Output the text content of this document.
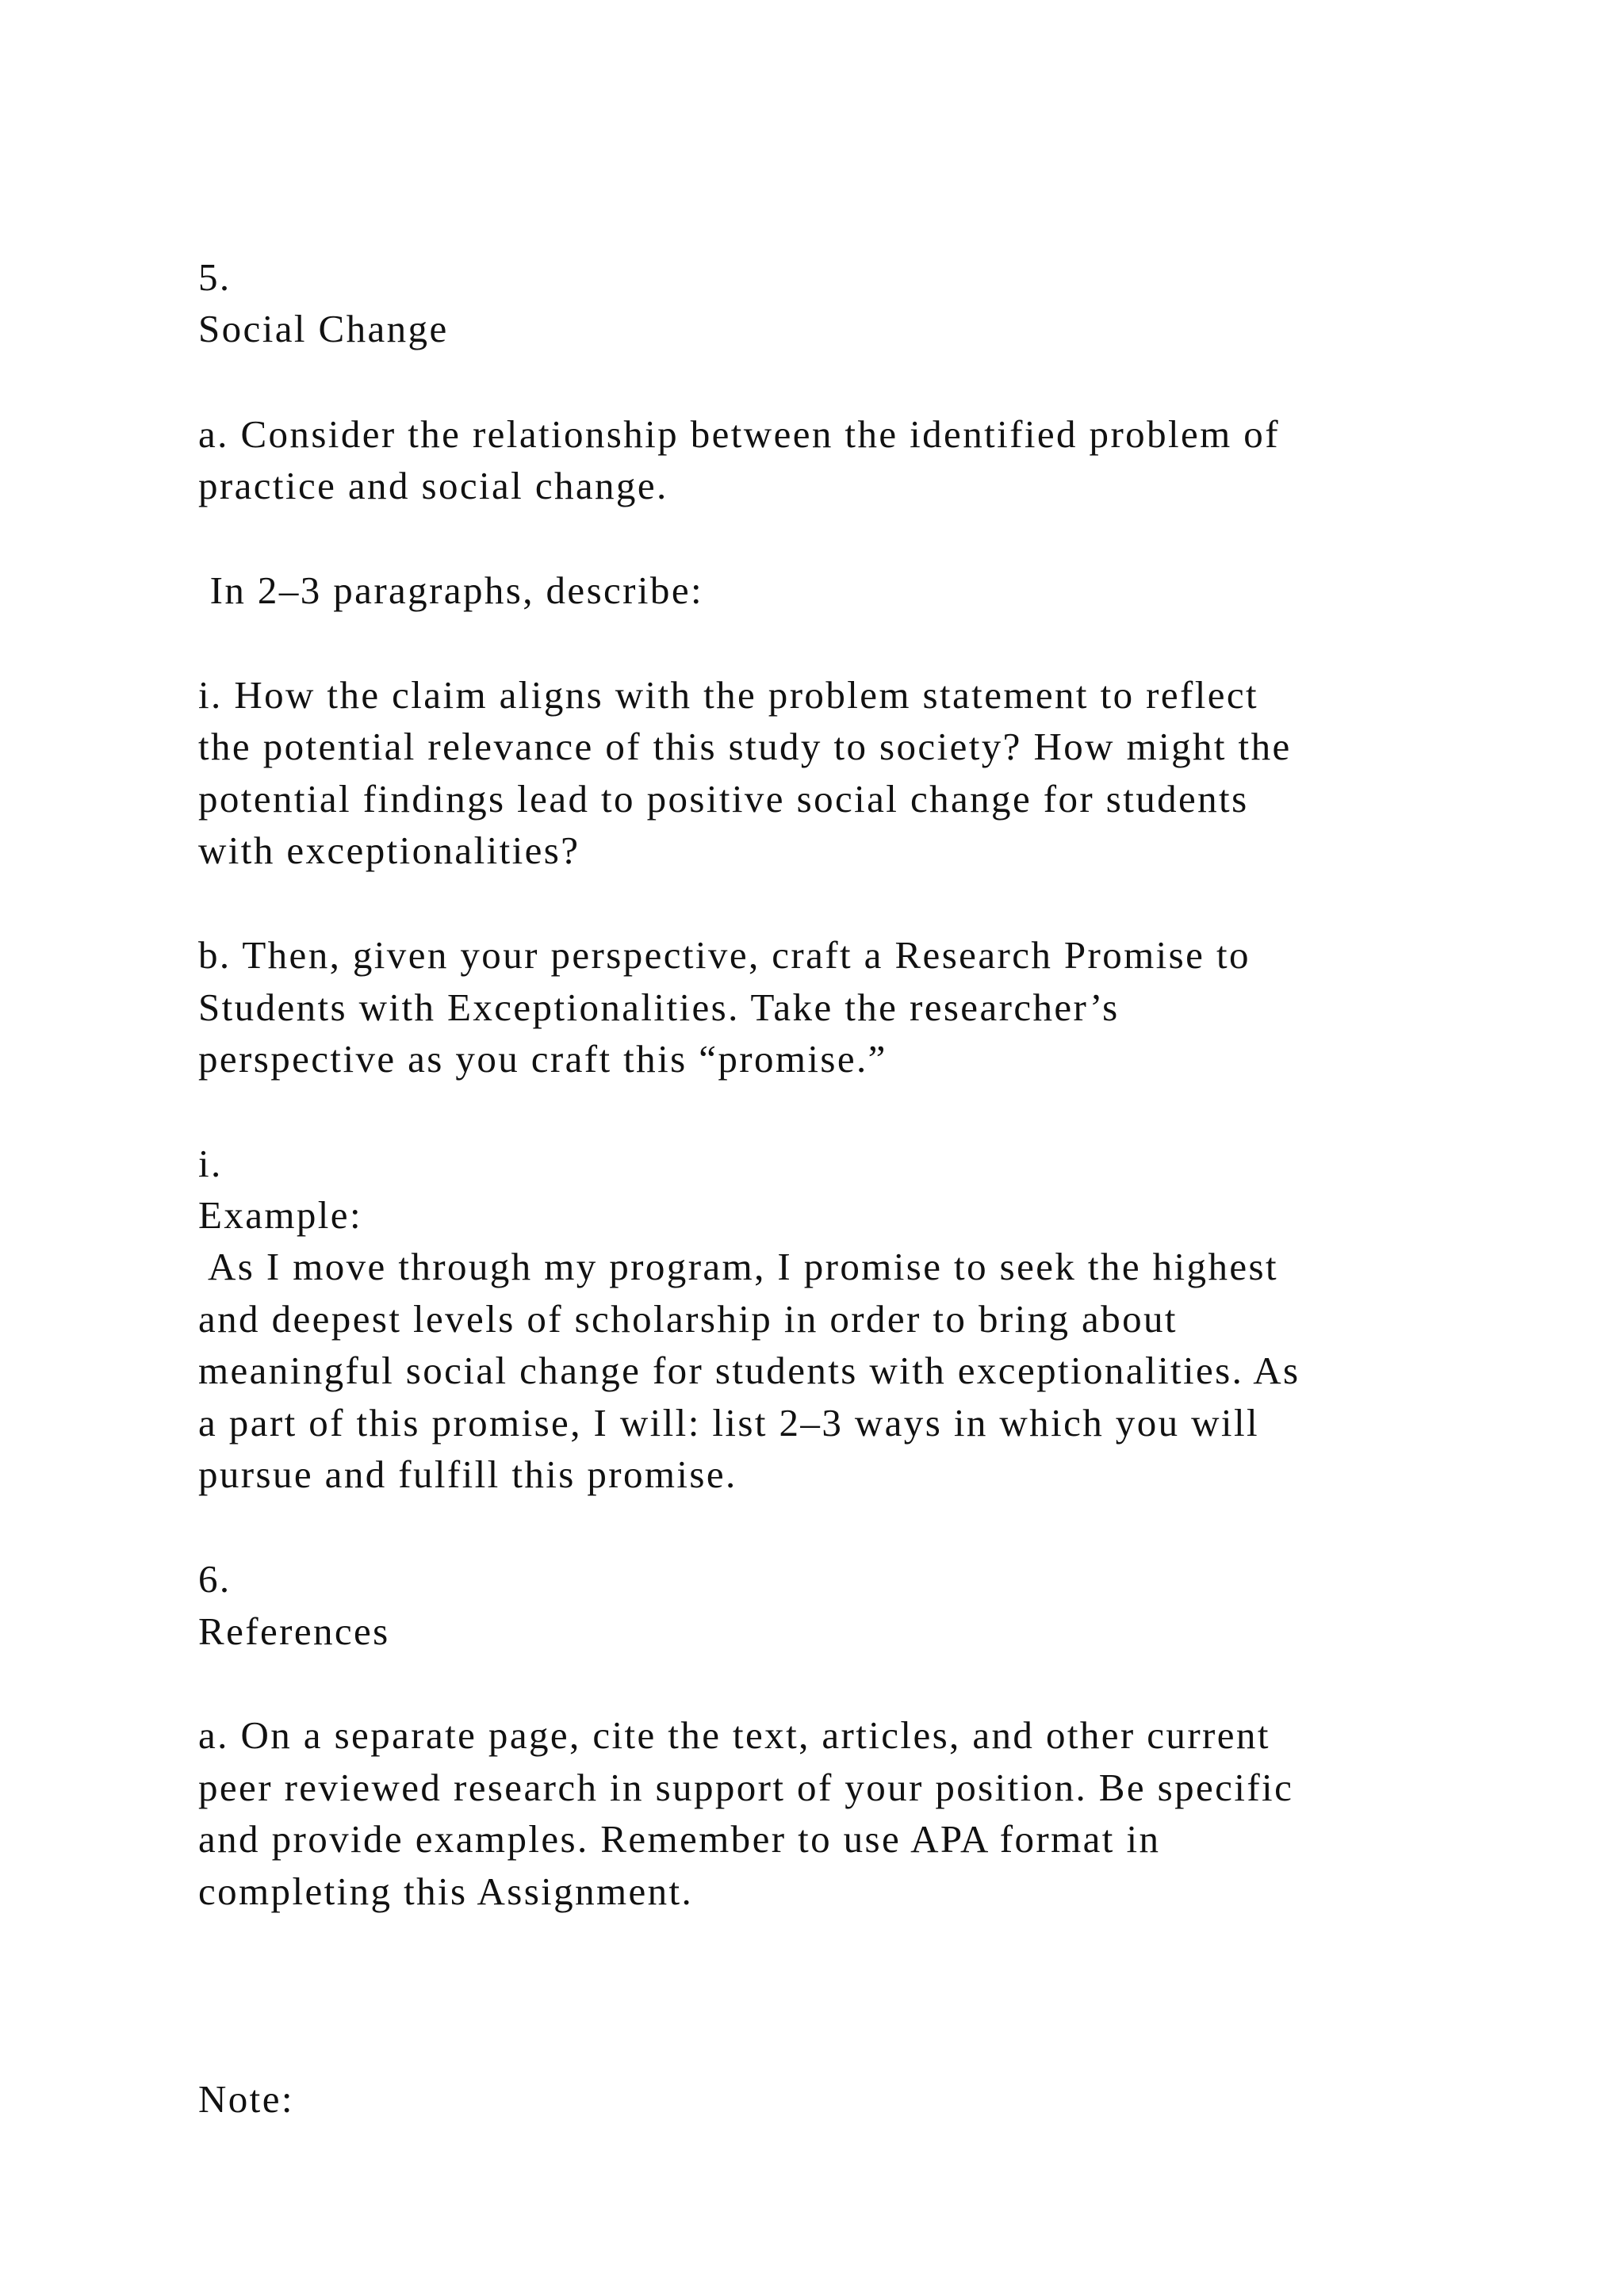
5.
Social Change
a. Consider the relationship between the identified problem of
practice and social change.
In 2–3 paragraphs, describe:
i. How the claim aligns with the problem statement to reflect
the potential relevance of this study to society? How might the
potential findings lead to positive social change for students
with exceptionalities?
b. Then, given your perspective, craft a Research Promise to
Students with Exceptionalities. Take the researcher’s
perspective as you craft this “promise.”
i.
Example:
As I move through my program, I promise to seek the highest
and deepest levels of scholarship in order to bring about
meaningful social change for students with exceptionalities. As
a part of this promise, I will: list 2–3 ways in which you will
pursue and fulfill this promise.
6.
References
a. On a separate page, cite the text, articles, and other current
peer reviewed research in support of your position. Be specific
and provide examples. Remember to use APA format in
completing this Assignment.
Note:
